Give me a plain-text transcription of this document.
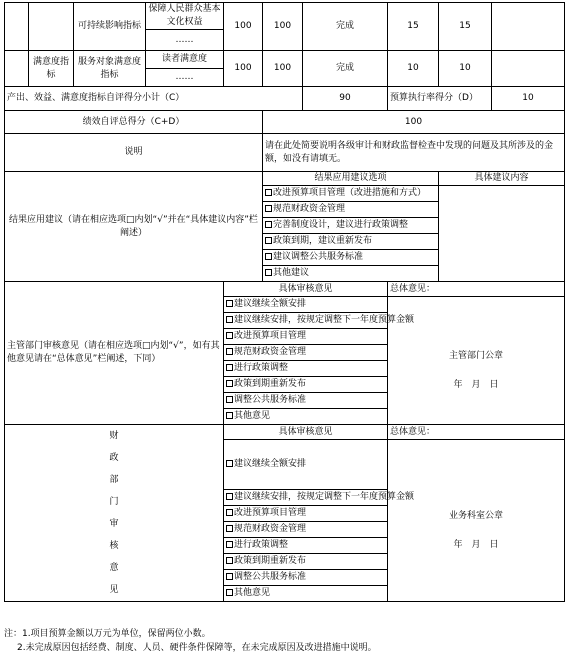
		可持续影响指标	保障人民群众基本文化权益	100	100	完成	15	15	
			……						
	满意度指标	服务对象满意度指标	读者满意度	100	100	完成	10	10	
			……						
产出、效益、满意度指标自评得分小计（C）						90	预算执行率得分（D）		10
绩效自评总得分（C+D）					100				
说明					请在此处简要说明各级审计和财政监督检查中发现的问题及其所涉及的金额，如没有请填无。				
结果应用建议（请在相应选项□内划“√”并在“具体建议内容”栏阐述）					结果应用建议选项			具体建议内容	
					改进预算项目管理（改进措施和方式）				
					规范财政资金管理				
					完善制度设计，建议进行政策调整				
					政策到期，建议重新发布				
					建议调整公共服务标准				
					其他建议				
主管部门审核意见（请在相应选项□内划“√”，如有其他意见请在“总体意见”栏阐述，下同）				具体审核意见			总体意见：		
				建议继续全额安排			主管部门公章
年　月　日		

				建议继续安排，按规定调整下一年度预算金额					
				改进预算项目管理					
				规范财政资金管理					
				进行政策调整					
				政策到期重新发布					
				调整公共服务标准					
				其他意见					

财政部门审核意见				具体审核意见			总体意见：		
				建议继续全额安排			业务科室公章
年　月　日		

				建议继续安排，按规定调整下一年度预算金额					
				改进预算项目管理					
				规范财政资金管理					
				进行政策调整					
				政策到期重新发布					
				调整公共服务标准					
				其他意见					
注：1.项目预算金额以万元为单位，保留两位小数。
2.未完成原因包括经费、制度、人员、硬件条件保障等，在未完成原因及改进措施中说明。
